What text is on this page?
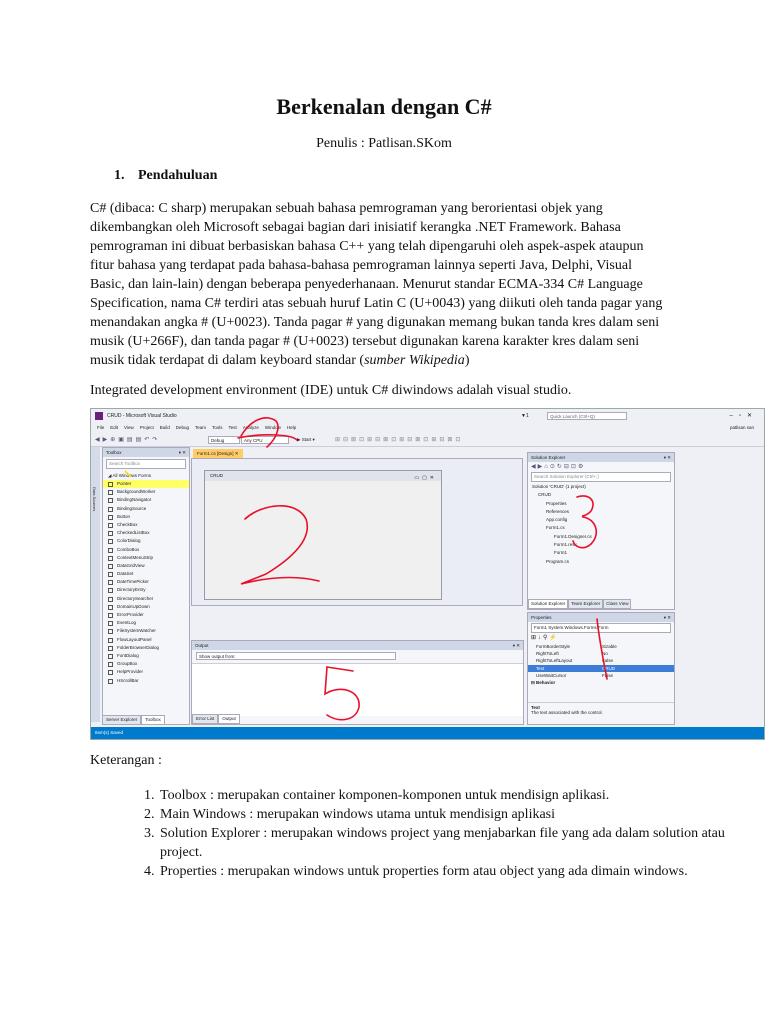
Berkenalan dengan C#
Penulis : Patlisan.SKom
1. Pendahuluan

C# (dibaca: C sharp) merupakan sebuah bahasa pemrograman yang berorientasi objek yang dikembangkan oleh Microsoft sebagai bagian dari inisiatif kerangka .NET Framework. Bahasa pemrograman ini dibuat berbasiskan bahasa C++ yang telah dipengaruhi oleh aspek-aspek ataupun fitur bahasa yang terdapat pada bahasa-bahasa pemrograman lainnya seperti Java, Delphi, Visual Basic, dan lain-lain) dengan beberapa penyederhanaan. Menurut standar ECMA-334 C# Language Specification, nama C# terdiri atas sebuah huruf Latin C (U+0043) yang diikuti oleh tanda pagar yang menandakan angka # (U+0023). Tanda pagar # yang digunakan memang bukan tanda kres dalam seni musik (U+266F), dan tanda pagar # (U+0023) tersebut digunakan karena karakter kres dalam seni musik tidak terdapat di dalam keyboard standar (sumber Wikipedia)

Integrated development environment (IDE) untuk C# diwindows adalah visual studio.

CRUD - Microsoft Visual Studio	▼1	Quick Launch (Ctrl+Q)	–▫✕
File Edit View Project Build Debug Team Tools Test Analyze Window Help	patlisan san
◀▶⊕▣▤▤↶↷	Debug	Any CPU	▶ Start ▾	⊞⊟⊠⊡⊞⊟⊠⊡⊞⊟⊠⊡⊞⊟⊠⊡
Data Sources
Toolbox	▾ ✕
Search Toolbox
◢ All Windows Forms
Pointer
BackgroundWorker
BindingNavigator
BindingSource
Button
CheckBox
CheckedListBox
ColorDialog
ComboBox
ContextMenuStrip
DataGridView
DataSet
DateTimePicker
DirectoryEntry
DirectorySearcher
DomainUpDown
ErrorProvider
EventLog
FileSystemWatcher
FlowLayoutPanel
FolderBrowserDialog
FontDialog
GroupBox
HelpProvider
HScrollBar
Server Explorer Toolbox
Form1.cs [Design] ✕
CRUD	▭▢✕
Output	▾ ✕
Show output from:
Error List Output
Solution Explorer	▾ ✕
◀▶⌂⊙↻⊟⊡⚙
Search Solution Explorer (Ctrl+;)
Solution 'CRUD' (1 project)
CRUD
Properties
References
App.config
Form1.cs
Form1.Designer.cs
Form1.resx
Form1
Program.cs
Solution Explorer Team Explorer Class View
Properties	▾ ✕
Form1 System.Windows.Forms.Form
⊞↓⚲⚡
FormBorderStyle	Sizable
RightToLeft	No
RightToLeftLayout	False
Text	CRUD
UseWaitCursor	False
⊟ Behavior
Text
The text associated with the control.
Item(s) Saved
Keterangan :
1. Toolbox : merupakan container komponen-komponen untuk mendisign aplikasi.
2. Main Windows : merupakan windows utama untuk mendisign aplikasi
3. Solution Explorer : merupakan windows project yang menjabarkan file yang ada dalam solution atau project.
4. Properties : merupakan windows untuk properties form atau object yang ada dimain windows.
